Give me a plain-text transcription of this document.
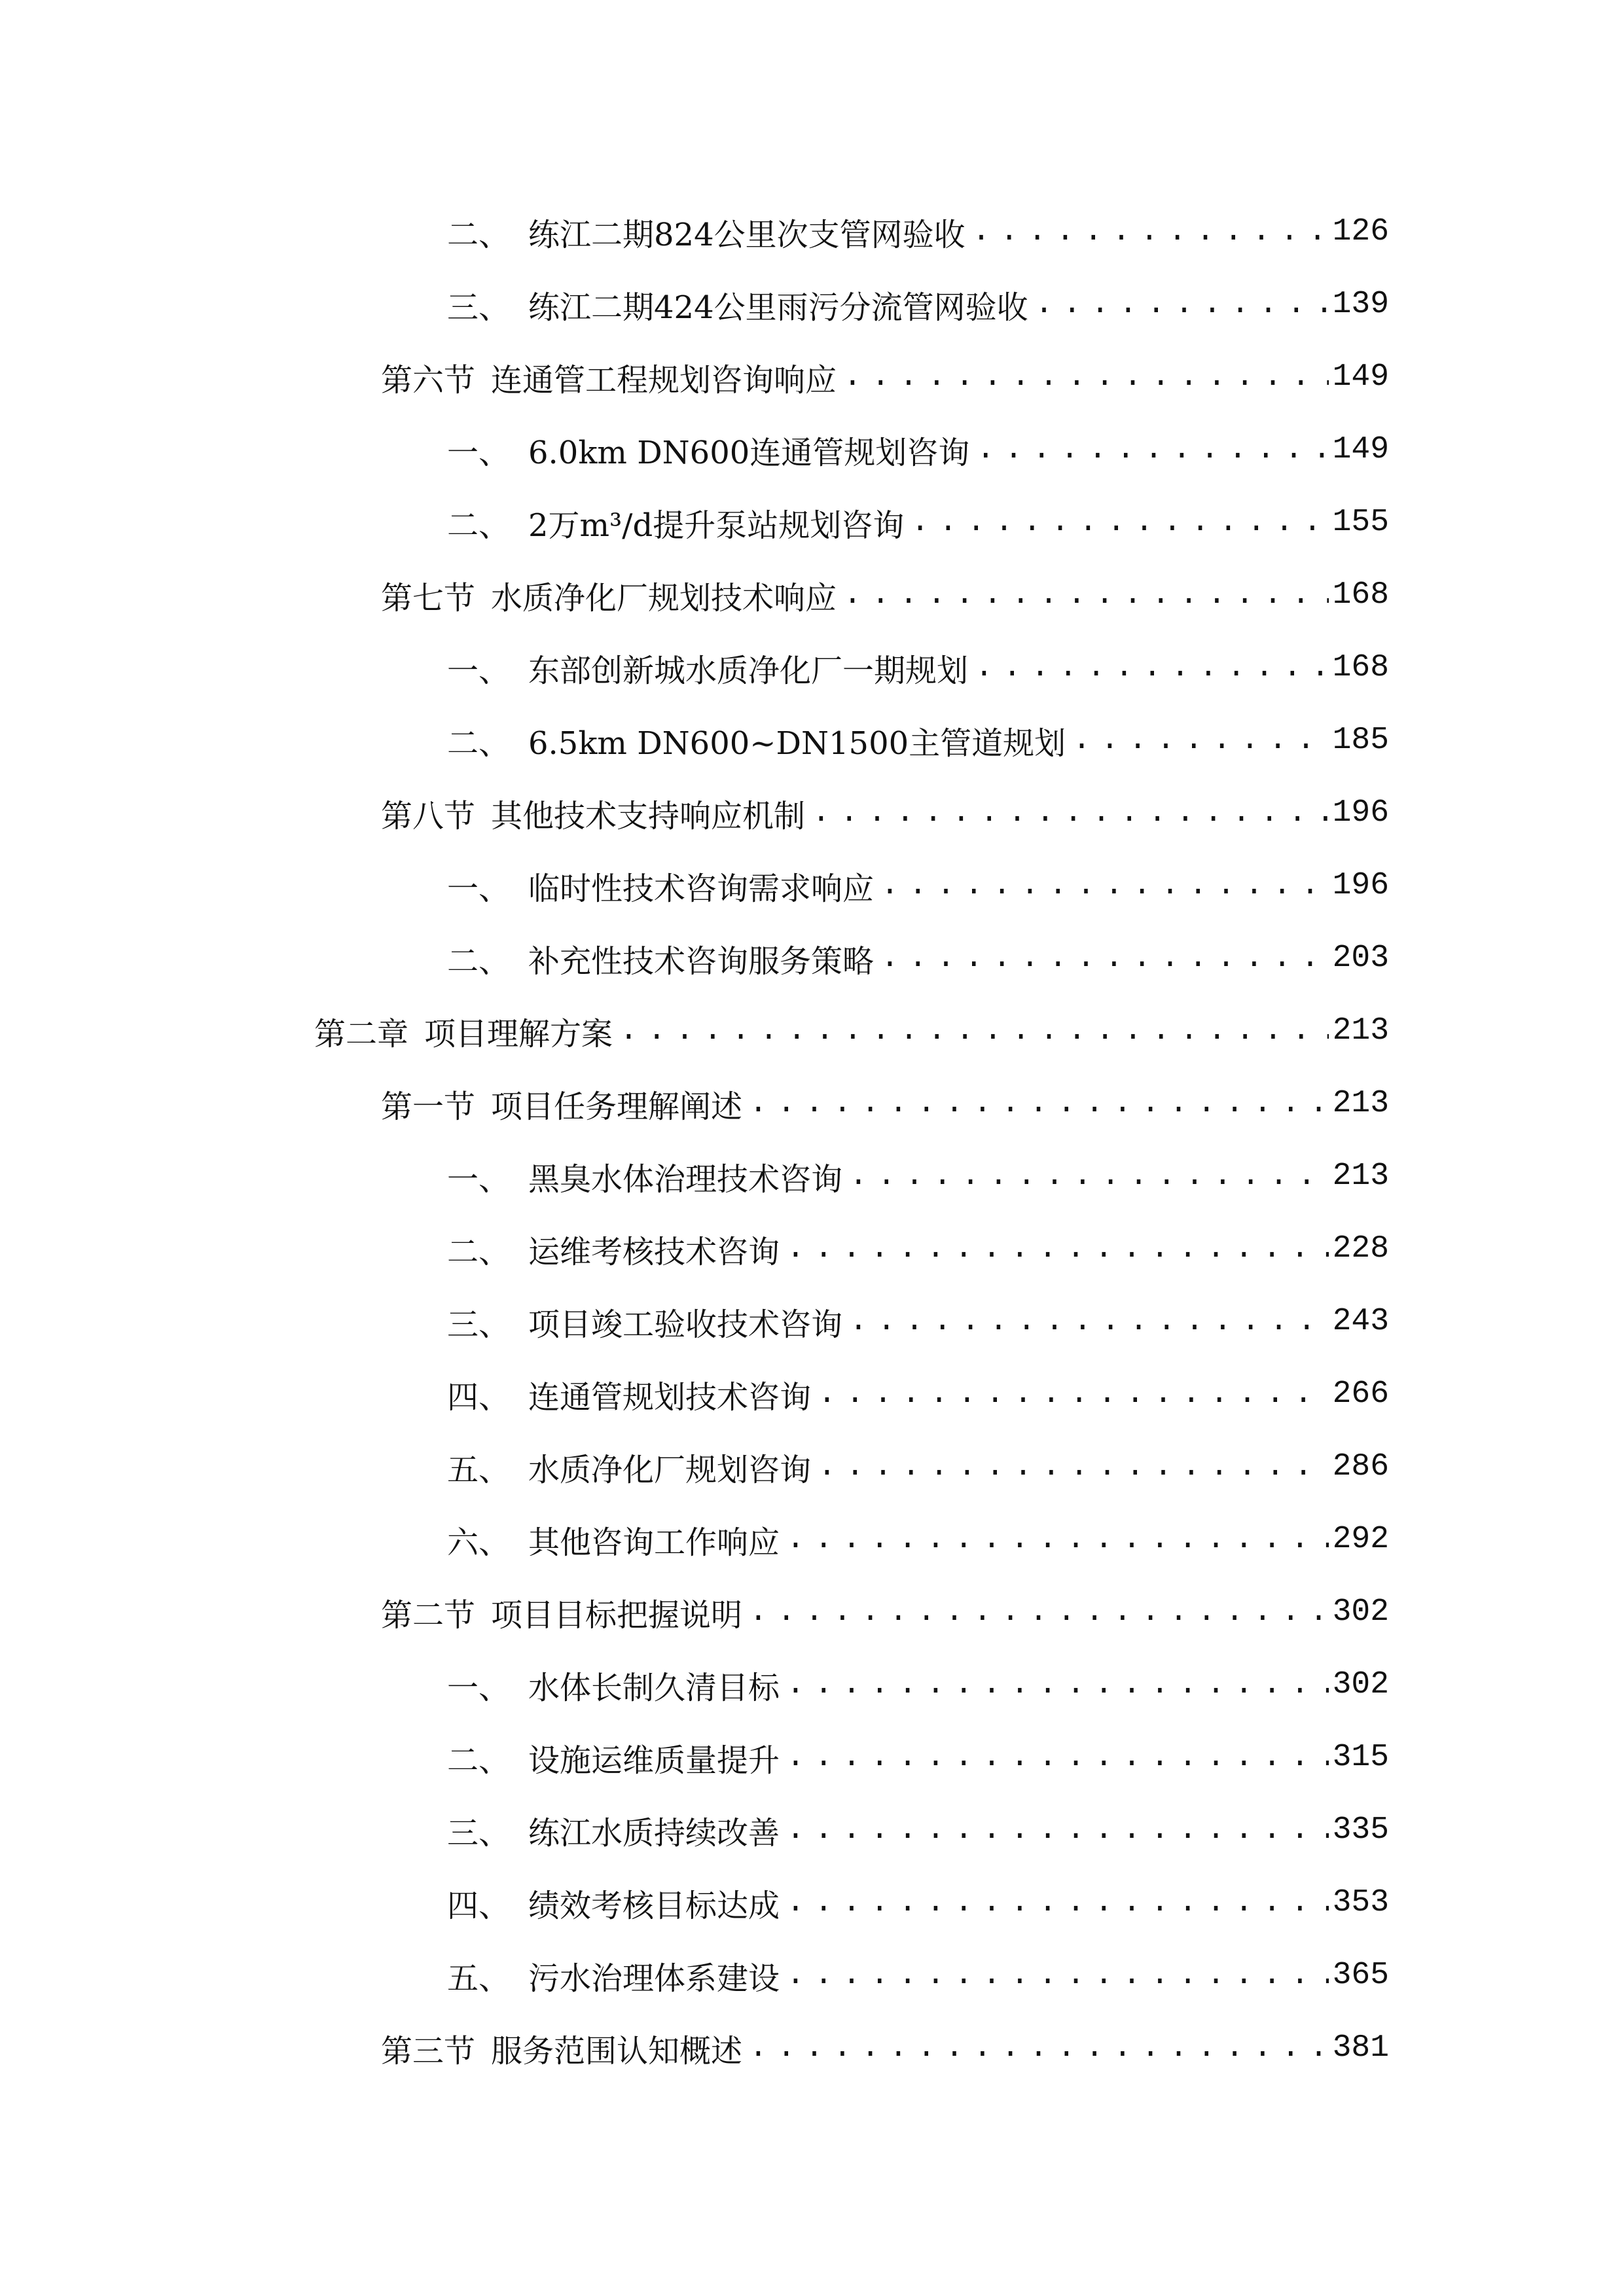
二、 练江二期824公里次支管网验收 .....	126
三、 练江二期424公里雨污分流管网验收 .....	139
第六节 连通管工程规划咨询响应 .....	149
一、 6.0km DN600连通管规划咨询 .....	149
二、 2万m³/d提升泵站规划咨询 .....	155
第七节 水质净化厂规划技术响应 .....	168
一、 东部创新城水质净化厂一期规划 .....	168
二、 6.5km DN600~DN1500主管道规划 .....	185
第八节 其他技术支持响应机制 .....	196
一、 临时性技术咨询需求响应 .....	196
二、 补充性技术咨询服务策略 .....	203
第二章 项目理解方案 .....	213
第一节 项目任务理解阐述 .....	213
一、 黑臭水体治理技术咨询 .....	213
二、 运维考核技术咨询 .....	228
三、 项目竣工验收技术咨询 .....	243
四、 连通管规划技术咨询 .....	266
五、 水质净化厂规划咨询 .....	286
六、 其他咨询工作响应 .....	292
第二节 项目目标把握说明 .....	302
一、 水体长制久清目标 .....	302
二、 设施运维质量提升 .....	315
三、 练江水质持续改善 .....	335
四、 绩效考核目标达成 .....	353
五、 污水治理体系建设 .....	365
第三节 服务范围认知概述 .....	381
